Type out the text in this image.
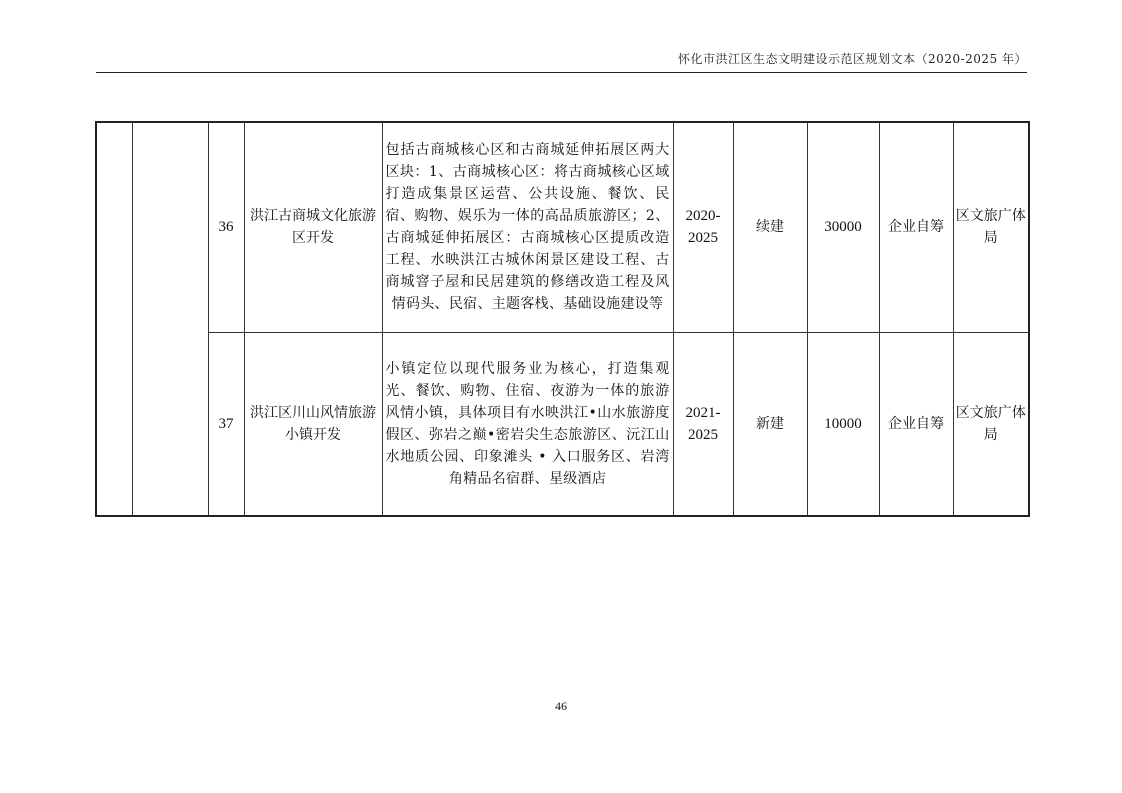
怀化市洪江区生态文明建设示范区规划文本（2020-2025 年）
		36	洪江古商城文化旅游区开发	包括古商城核心区和古商城延伸拓展区两大区块：1、古商城核心区：将古商城核心区域打造成集景区运营、公共设施、餐饮、民宿、购物、娱乐为一体的高品质旅游区；2、古商城延伸拓展区：古商城核心区提质改造工程、水映洪江古城休闲景区建设工程、古商城窨子屋和民居建筑的修缮改造工程及风情码头、民宿、主题客栈、基础设施建设等	2020-2025	续建	30000	企业自筹	区文旅广体局
		37	洪江区川山风情旅游小镇开发	小镇定位以现代服务业为核心，打造集观光、餐饮、购物、住宿、夜游为一体的旅游风情小镇，具体项目有水映洪江•山水旅游度假区、弥岩之巅•密岩尖生态旅游区、沅江山水地质公园、印象滩头 • 入口服务区、岩湾角精品名宿群、星级酒店	2021-2025	新建	10000	企业自筹	区文旅广体局
46
